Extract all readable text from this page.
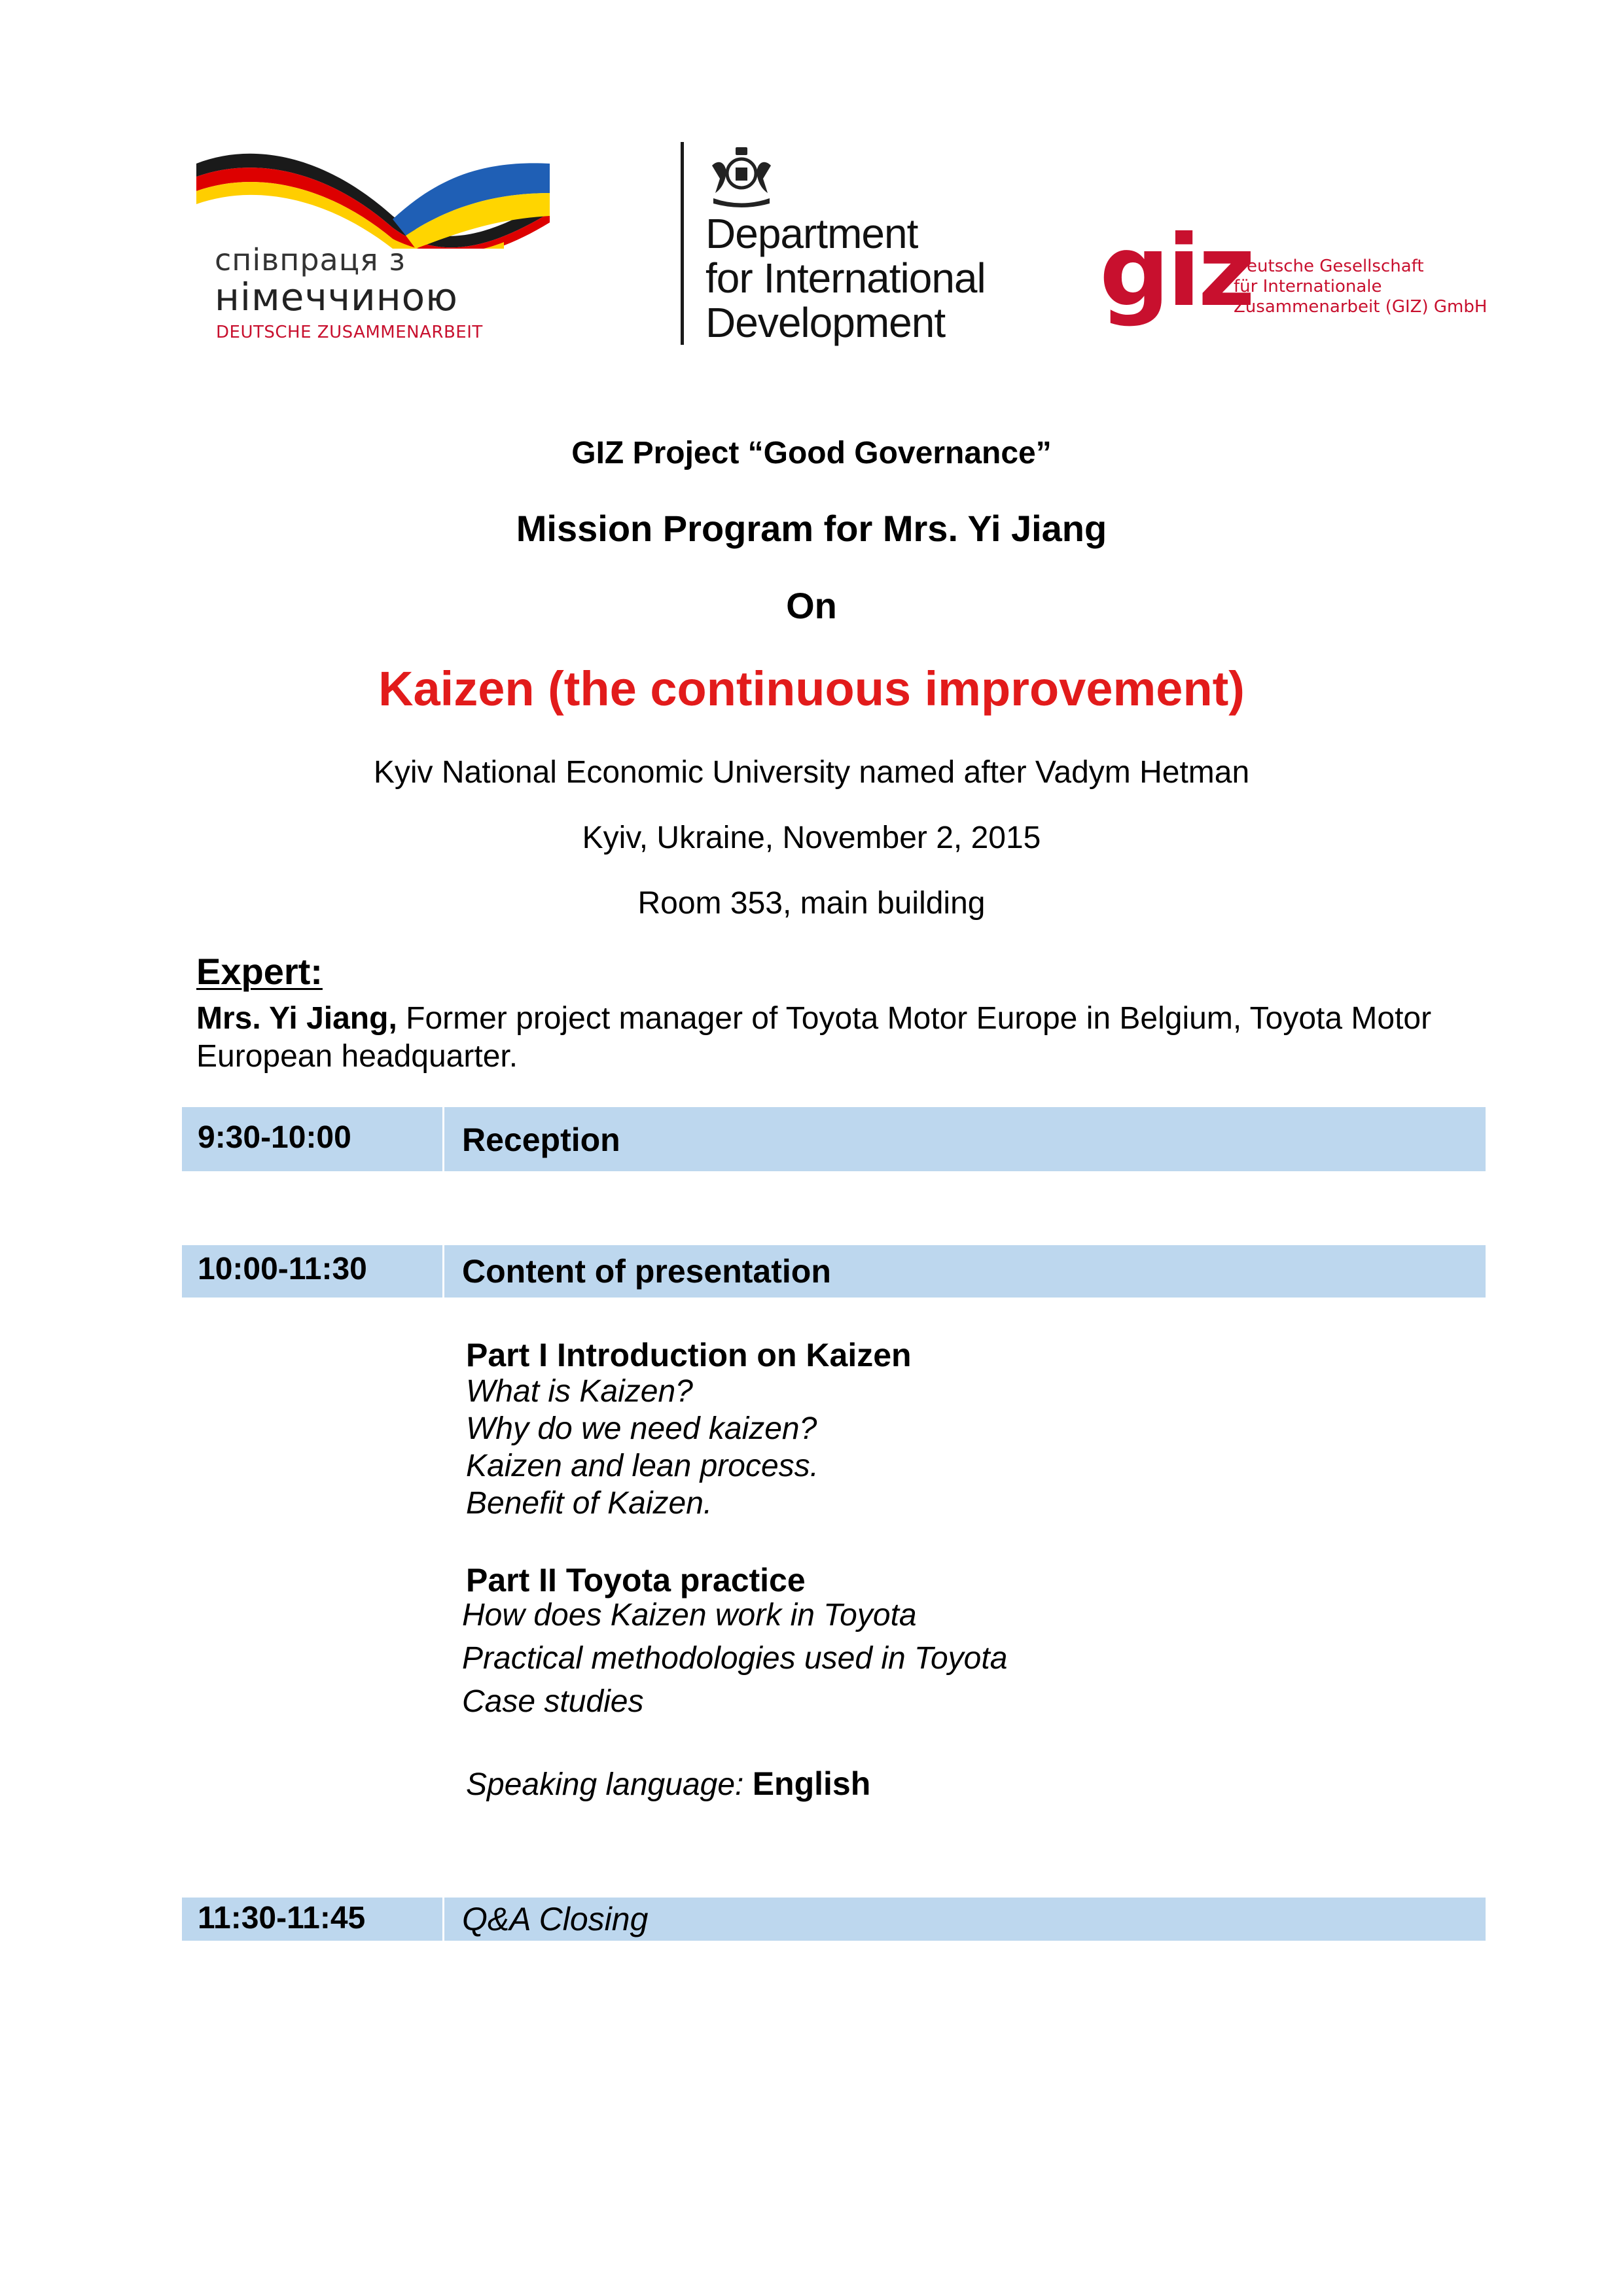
співпраця з
німеччиною
DEUTSCHE ZUSAMMENARBEIT
Department
for International
Development	giz
Deutsche Gesellschaft
für Internationale
Zusammenarbeit (GIZ) GmbH
GIZ Project “Good Governance”
Mission Program for Mrs. Yi Jiang
On
Kaizen (the continuous improvement)
Kyiv National Economic University named after Vadym Hetman
Kyiv, Ukraine, November 2, 2015
Room 353, main building
Expert:
Mrs. Yi Jiang, Former project manager of Toyota Motor Europe in Belgium, Toyota Motor European headquarter.
9:30-10:00	Reception
10:00-11:30	Content of presentation
Part I Introduction on Kaizen
What is Kaizen?
Why do we need kaizen?
Kaizen and lean process.
Benefit of Kaizen.
Part II Toyota practice
How does Kaizen work in Toyota
Practical methodologies used in Toyota
Case studies
Speaking language: English
11:30-11:45	Q&A Closing
